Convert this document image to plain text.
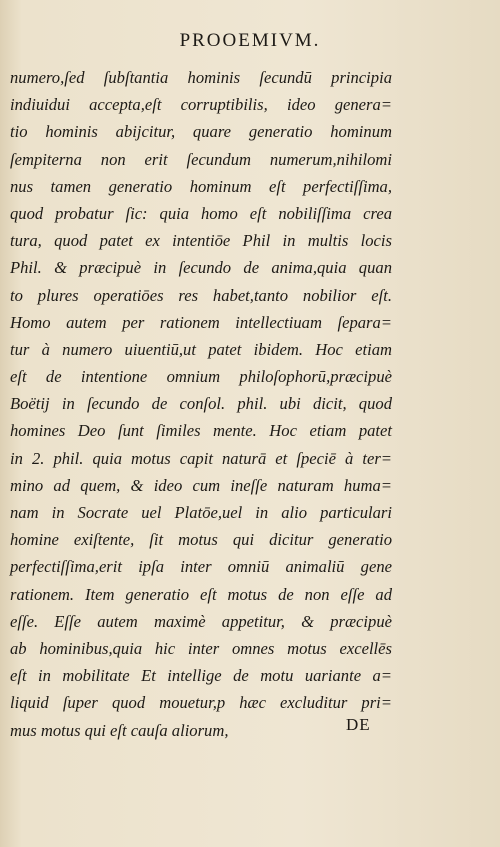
PROOEMIVM.
numero,ſed ſubſtantia hominis ſecundū principia
indiuidui accepta,eſt corruptibilis, ideo genera=
tio hominis abijcitur, quare generatio hominum
ſempiterna non erit ſecundum numerum,nihilomi
nus tamen generatio hominum eſt perfectiſſima,
quod probatur ſic: quia homo eſt nobiliſſima crea
tura, quod patet ex intentiōe Phil in multis locis
Phil. & præcipuè in ſecundo de anima,quia quan
to plures operatiōes res habet,tanto nobilior eſt.
Homo autem per rationem intellectiuam ſepara=
tur à numero uiuentiū,ut patet ibidem. Hoc etiam
eſt de intentione omnium philoſophorū,præcipuè
Boëtij in ſecundo de conſol. phil. ubi dicit, quod
homines Deo ſunt ſimiles mente. Hoc etiam patet
in 2. phil. quia motus capit naturā et ſpeciē à ter=
mino ad quem, & ideo cum ineſſe naturam huma=
nam in Socrate uel Platōe,uel in alio particulari
homine exiſtente, ſit motus qui dicitur generatio
perfectiſſima,erit ipſa inter omniū animaliū gene
rationem. Item generatio eſt motus de non eſſe ad
eſſe. Eſſe autem maximè appetitur, & præcipuè
ab hominibus,quia hic inter omnes motus excellēs
eſt in mobilitate Et intellige de motu uariante a=
liquid ſuper quod mouetur,p hæc excluditur pri=
mus motus qui eſt cauſa aliorum,	DE
